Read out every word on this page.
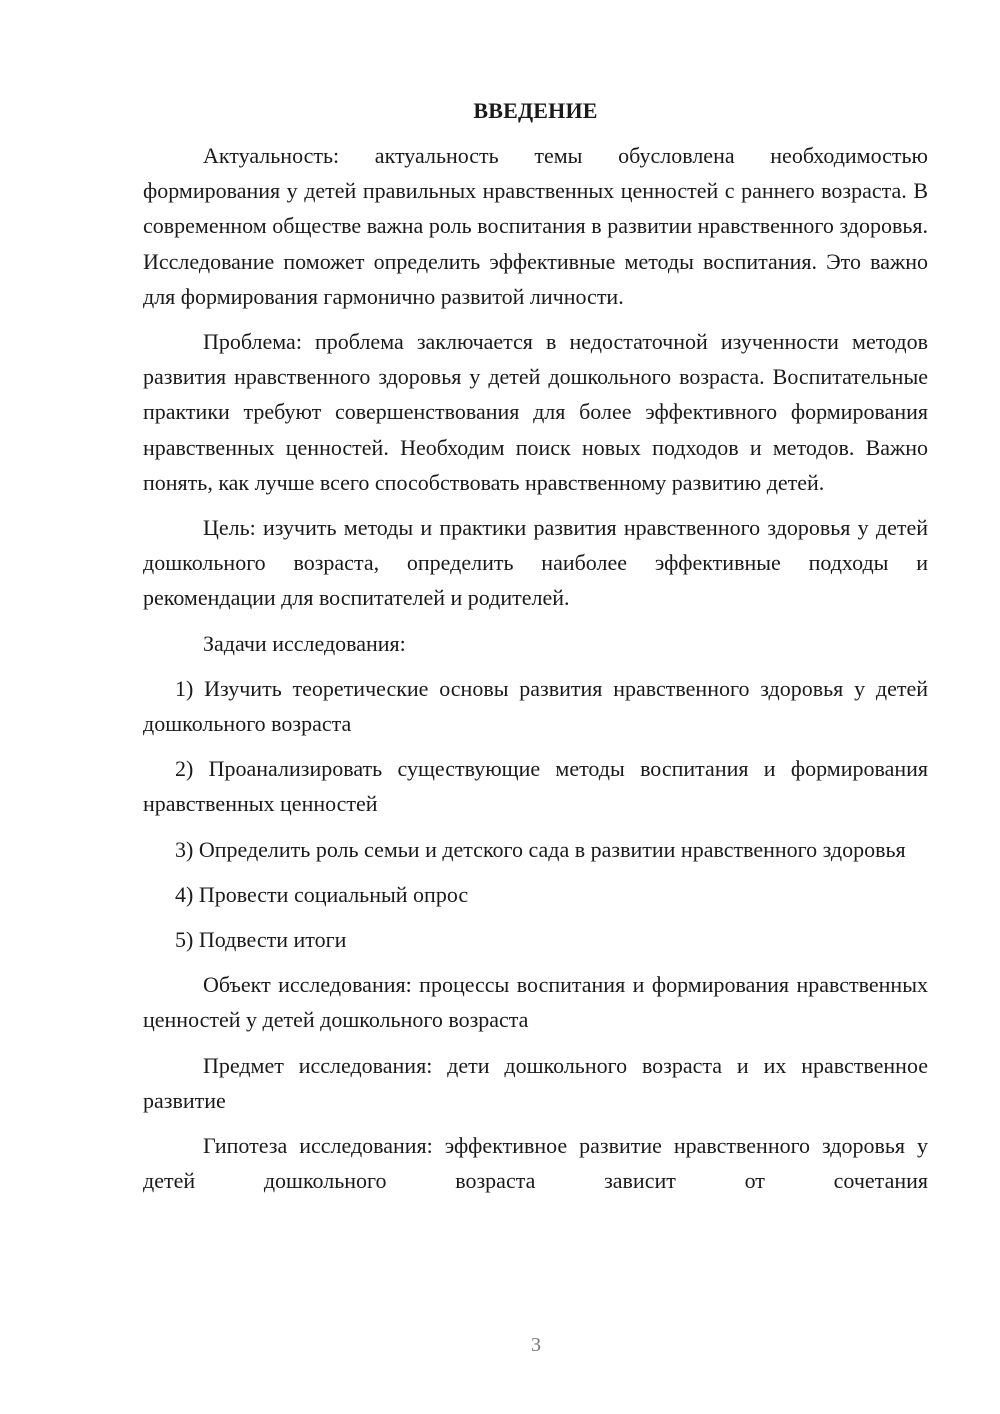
ВВЕДЕНИЕ

Актуальность: актуальность темы обусловлена необходимостью формирования у детей правильных нравственных ценностей с раннего возраста. В современном обществе важна роль воспитания в развитии нравственного здоровья. Исследование поможет определить эффективные методы воспитания. Это важно для формирования гармонично развитой личности.

Проблема: проблема заключается в недостаточной изученности методов развития нравственного здоровья у детей дошкольного возраста. Воспитательные практики требуют совершенствования для более эффективного формирования нравственных ценностей. Необходим поиск новых подходов и методов. Важно понять, как лучше всего способствовать нравственному развитию детей.

Цель: изучить методы и практики развития нравственного здоровья у детей дошкольного возраста, определить наиболее эффективные подходы и рекомендации для воспитателей и родителей.

Задачи исследования:

1) Изучить теоретические основы развития нравственного здоровья у детей дошкольного возраста

2) Проанализировать существующие методы воспитания и формирования нравственных ценностей

3) Определить роль семьи и детского сада в развитии нравственного здоровья

4) Провести социальный опрос

5) Подвести итоги

Объект исследования: процессы воспитания и формирования нравственных ценностей у детей дошкольного возраста

Предмет исследования: дети дошкольного возраста и их нравственное развитие

Гипотеза исследования: эффективное развитие нравственного здоровья у детей дошкольного возраста зависит от сочетания

3
